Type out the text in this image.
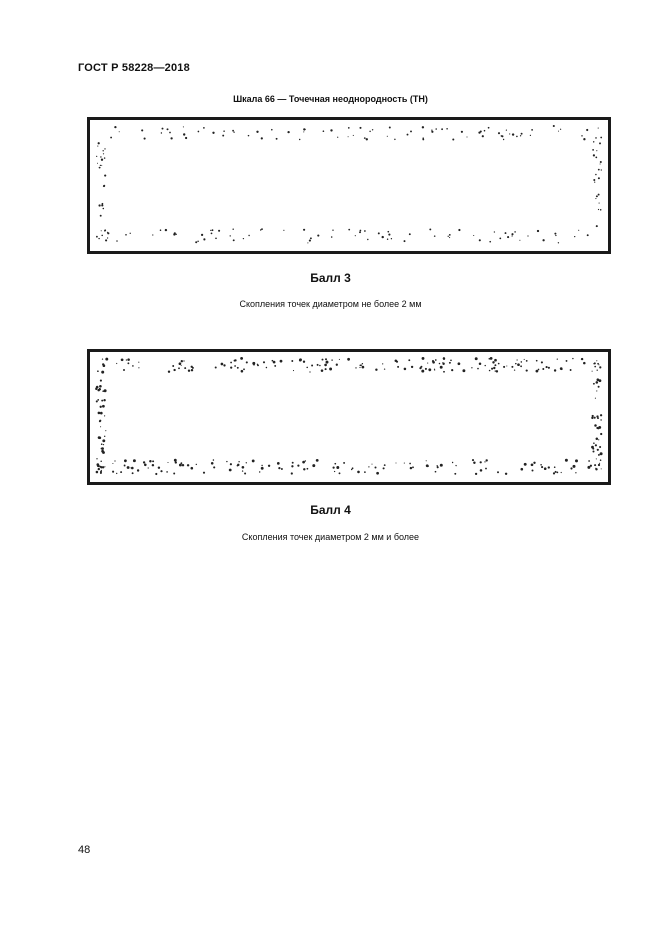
ГОСТ Р 58228—2018
Шкала 66 — Точечная неоднородность (ТН)
Балл 3
Скопления точек диаметром не более 2 мм
Балл 4
Скопления точек диаметром 2 мм и более
48
